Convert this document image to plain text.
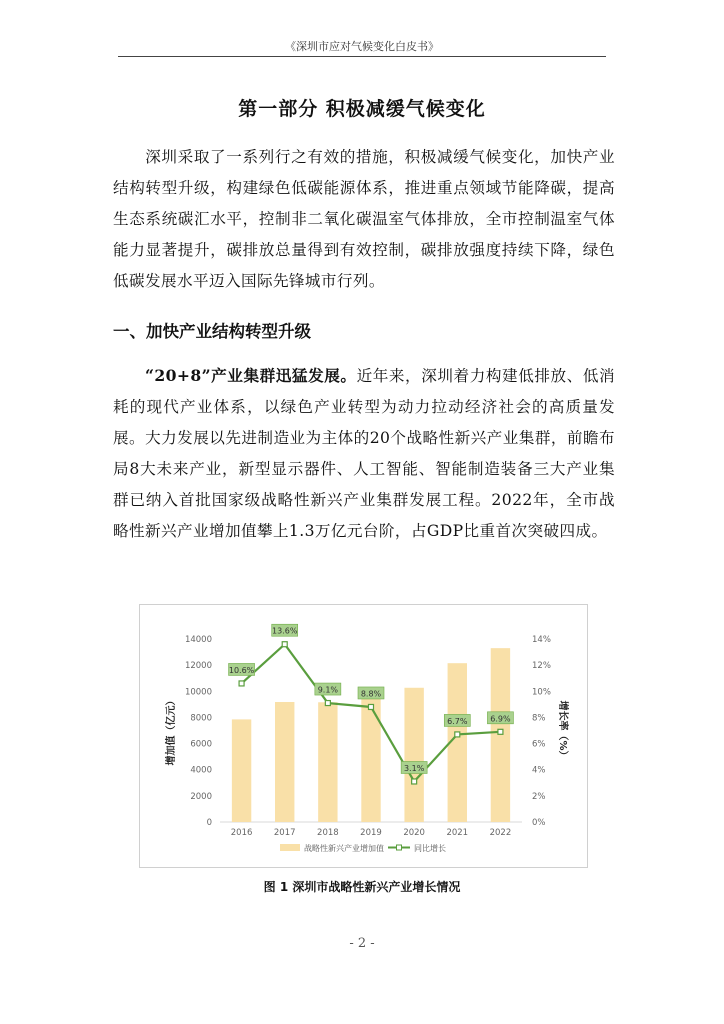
《深圳市应对气候变化白皮书》
第一部分 积极减缓气候变化
深圳采取了一系列行之有效的措施，积极减缓气候变化，加快产业结构转型升级，构建绿色低碳能源体系，推进重点领域节能降碳，提高生态系统碳汇水平，控制非二氧化碳温室气体排放，全市控制温室气体能力显著提升，碳排放总量得到有效控制，碳排放强度持续下降，绿色低碳发展水平迈入国际先锋城市行列。
一、加快产业结构转型升级
“20+8”产业集群迅猛发展。近年来，深圳着力构建低排放、低消耗的现代产业体系，以绿色产业转型为动力拉动经济社会的高质量发展。大力发展以先进制造业为主体的20个战略性新兴产业集群，前瞻布局8大未来产业，新型显示器件、人工智能、智能制造装备三大产业集群已纳入首批国家级战略性新兴产业集群发展工程。2022年，全市战略性新兴产业增加值攀上1.3万亿元台阶，占GDP比重首次突破四成。
0
2000
4000
6000
8000
10000
12000
14000
0%
2%
4%
6%
8%
10%
12%
14%
2016	2017	2018	2019	2020	2021	2022
10.6%
13.6%
9.1%	8.8%
3.1%
6.7%	6.9%
增加值（亿元）	增长率（%）
战略性新兴产业增加值	同比增长
图 1 深圳市战略性新兴产业增长情况
- 2 -
